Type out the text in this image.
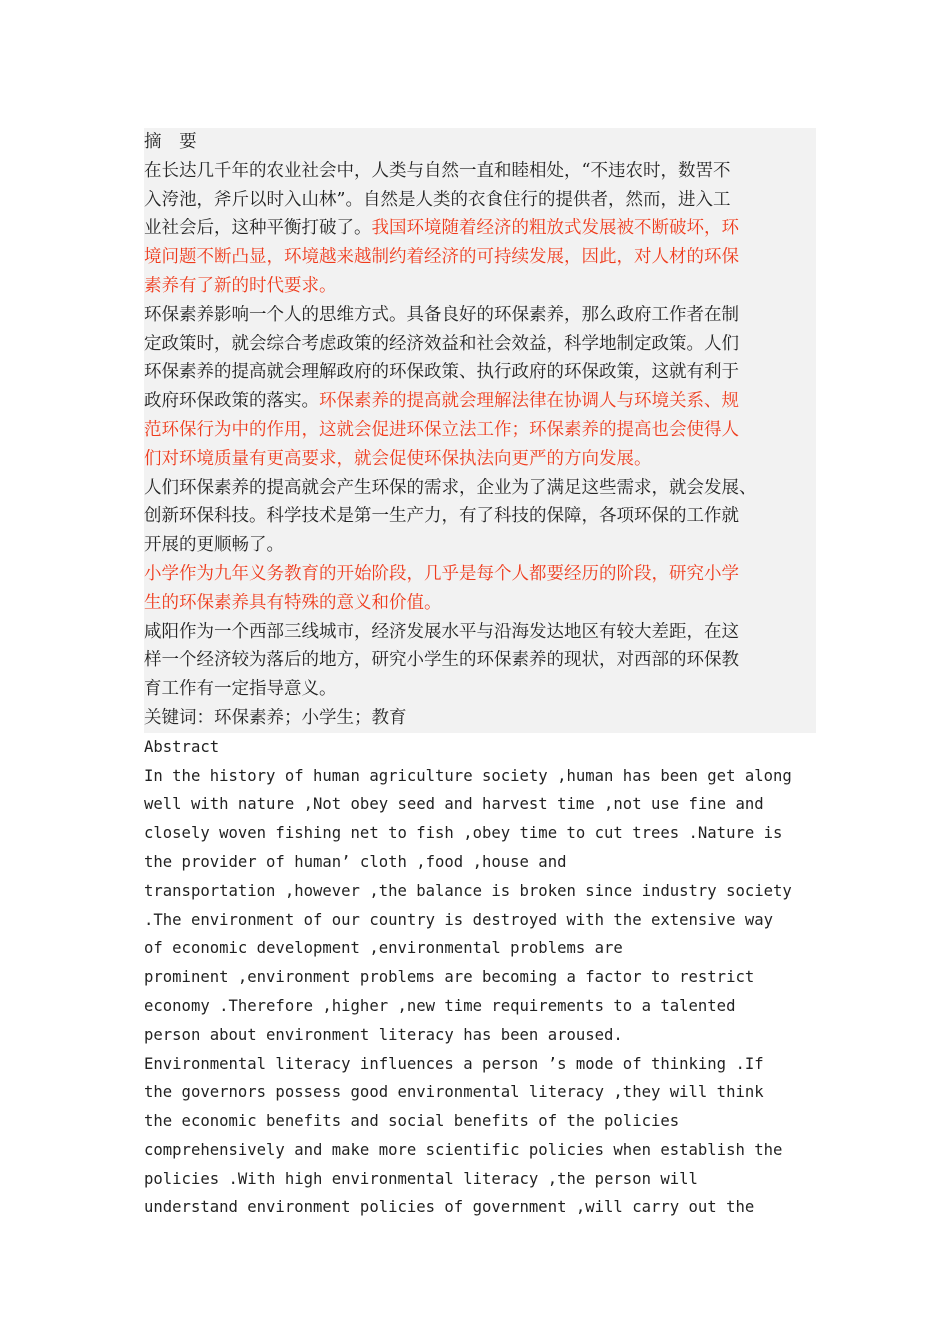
摘 要

在长达几千年的农业社会中，人类与自然一直和睦相处，“不违农时，数罟不

入洿池，斧斤以时入山林”。自然是人类的衣食住行的提供者，然而，进入工

业社会后，这种平衡打破了。我国环境随着经济的粗放式发展被不断破坏，环

境问题不断凸显，环境越来越制约着经济的可持续发展，因此，对人材的环保

素养有了新的时代要求。

环保素养影响一个人的思维方式。具备良好的环保素养，那么政府工作者在制

定政策时，就会综合考虑政策的经济效益和社会效益，科学地制定政策。人们

环保素养的提高就会理解政府的环保政策、执行政府的环保政策，这就有利于

政府环保政策的落实。环保素养的提高就会理解法律在协调人与环境关系、规

范环保行为中的作用，这就会促进环保立法工作；环保素养的提高也会使得人

们对环境质量有更高要求，就会促使环保执法向更严的方向发展。

人们环保素养的提高就会产生环保的需求，企业为了满足这些需求，就会发展、

创新环保科技。科学技术是第一生产力，有了科技的保障，各项环保的工作就

开展的更顺畅了。

小学作为九年义务教育的开始阶段，几乎是每个人都要经历的阶段，研究小学

生的环保素养具有特殊的意义和价值。

咸阳作为一个西部三线城市，经济发展水平与沿海发达地区有较大差距，在这

样一个经济较为落后的地方，研究小学生的环保素养的现状，对西部的环保教

育工作有一定指导意义。

关键词：环保素养；小学生；教育

Abstract

In the history of human agriculture society ,human has been get along

well with nature ,Not obey seed and harvest time ,not use fine and

closely woven fishing net to fish ,obey time to cut trees .Nature is

the provider of human’ cloth ,food ,house and

transportation ,however ,the balance is broken since industry society

.The environment of our country is destroyed with the extensive way

of economic development ,environmental problems are

prominent ,environment problems are becoming a factor to restrict

economy .Therefore ,higher ,new time requirements to a talented

person about environment literacy has been aroused.

Environmental literacy influences a person ’s mode of thinking .If

the governors possess good environmental literacy ,they will think

the economic benefits and social benefits of the policies

comprehensively and make more scientific policies when establish the

policies .With high environmental literacy ,the person will

understand environment policies of government ,will carry out the
